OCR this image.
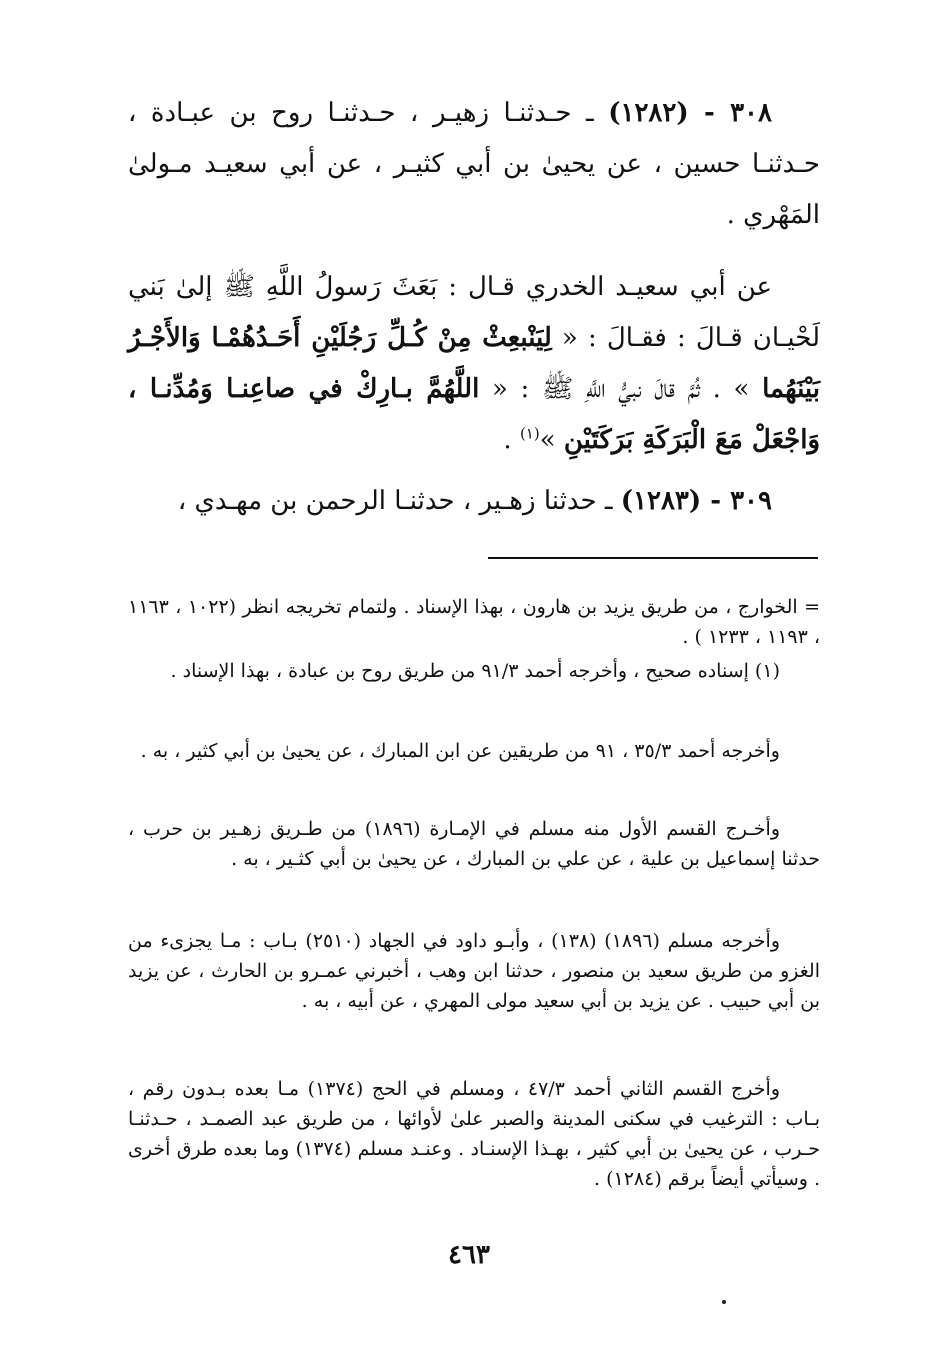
٣٠٨ - (١٢٨٢) ـ حـدثنـا زهيـر ، حـدثنـا روح بن عبـادة ، حـدثنـا حسين ، عن يحيىٰ بن أبي كثيـر ، عن أبي سعيـد مـولىٰ المَهْري .

عن أبي سعيـد الخدري قـال : بَعَثَ رَسولُ اللَّهِ ﷺ إلىٰ بَني لَحْيـان قـالَ : فقـالَ : « لِيَنْبعِثْ مِنْ كُـلِّ رَجُلَيْنِ أَحَـدُهُمْـا وَالأَجْـرُ بَيْنَهُما » . ثُمَّ قالَ نبيُّ اللَّهِ ﷺ : « اللَّهُمَّ بـارِكْ في صاعِنـا وَمُدِّنـا ، وَاجْعَلْ مَعَ الْبَرَكَةِ بَرَكَتَيْنِ »$^{(١)}$ .

٣٠٩ - (١٢٨٣) ـ حدثنا زهـير ، حدثنـا الرحمن بن مهـدي ،

= الخوارج ، من طريق يزيد بن هارون ، بهذا الإسناد . ولتمام تخريجه انظر (١٠٢٢ ، ١١٦٣ ، ١١٩٣ ، ١٢٣٣ ) .

(١) إسناده صحيح ، وأخرجه أحمد ٩١/٣ من طريق روح بن عبادة ، بهذا الإسناد .

وأخرجه أحمد ٣٥/٣ ، ٩١ من طريقين عن ابن المبارك ، عن يحيىٰ بن أبي كثير ، به .

وأخـرج القسم الأول منه مسلم في الإمـارة (١٨٩٦) من طـريق زهـير بن حرب ، حدثنا إسماعيل بن علية ، عن علي بن المبارك ، عن يحيىٰ بن أبي كثـير ، به .

وأخرجه مسلم (١٨٩٦) (١٣٨) ، وأبـو داود في الجهاد (٢٥١٠) بـاب : مـا يجزىء من الغزو من طريق سعيد بن منصور ، حدثنا ابن وهب ، أخبرني عمـرو بن الحارث ، عن يزيد بن أبي حبيب . عن يزيد بن أبي سعيد مولى المهري ، عن أبيه ، به .

وأخرج القسم الثاني أحمد ٤٧/٣ ، ومسلم في الحج (١٣٧٤) مـا بعده بـدون رقم ، بـاب : الترغيب في سكنى المدينة والصبر علىٰ لأوائها ، من طريق عبد الصمـد ، حـدثنـا حـرب ، عن يحيىٰ بن أبي كثير ، بهـذا الإسنـاد . وعنـد مسلم (١٣٧٤) وما بعده طرق أخرى . وسيأتي أيضاً برقم (١٢٨٤) .

٤٦٣
